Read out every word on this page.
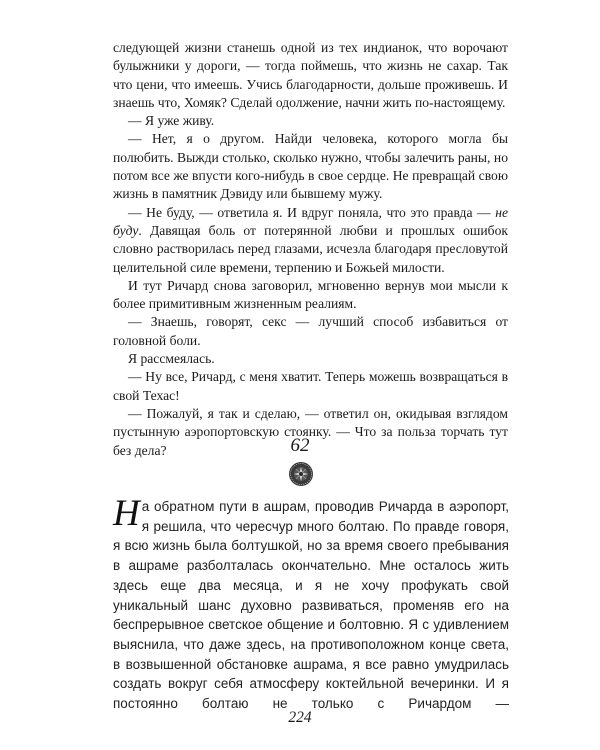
следующей жизни станешь одной из тех индианок, что ворочают булыжники у дороги, — тогда поймешь, что жизнь не сахар. Так что цени, что имеешь. Учись благодарности, дольше проживешь. И знаешь что, Хомяк? Сделай одолжение, начни жить по-настоящему.

— Я уже живу.

— Нет, я о другом. Найди человека, которого могла бы полюбить. Выжди столько, сколько нужно, чтобы залечить раны, но потом все же впусти кого-нибудь в свое сердце. Не превращай свою жизнь в памятник Дэвиду или бывшему мужу.

— Не буду, — ответила я. И вдруг поняла, что это правда — не буду. Давящая боль от потерянной любви и прошлых ошибок словно растворилась перед глазами, исчезла благодаря пресловутой целительной силе времени, терпению и Божьей милости.

И тут Ричард снова заговорил, мгновенно вернув мои мысли к более примитивным жизненным реалиям.

— Знаешь, говорят, секс — лучший способ избавиться от головной боли.

Я рассмеялась.

— Ну все, Ричард, с меня хватит. Теперь можешь возвращаться в свой Техас!

— Пожалуй, я так и сделаю, — ответил он, окидывая взглядом пустынную аэропортовскую стоянку. — Что за польза торчать тут без дела?	62

На обратном пути в ашрам, проводив Ричарда в аэропорт, я решила, что чересчур много болтаю. По правде говоря, я всю жизнь была болтушкой, но за время своего пребывания в ашраме разболталась окончательно. Мне осталось жить здесь еще два месяца, и я не хочу профукать свой уникальный шанс духовно развиваться, променяв его на беспрерывное светское общение и болтовню. Я с удивлением выяснила, что даже здесь, на противоположном конце света, в возвышенной обстановке ашрама, я все равно умудрилась создать вокруг себя атмосферу коктейльной вечеринки. И я постоянно болтаю не только с Ричардом —

224
